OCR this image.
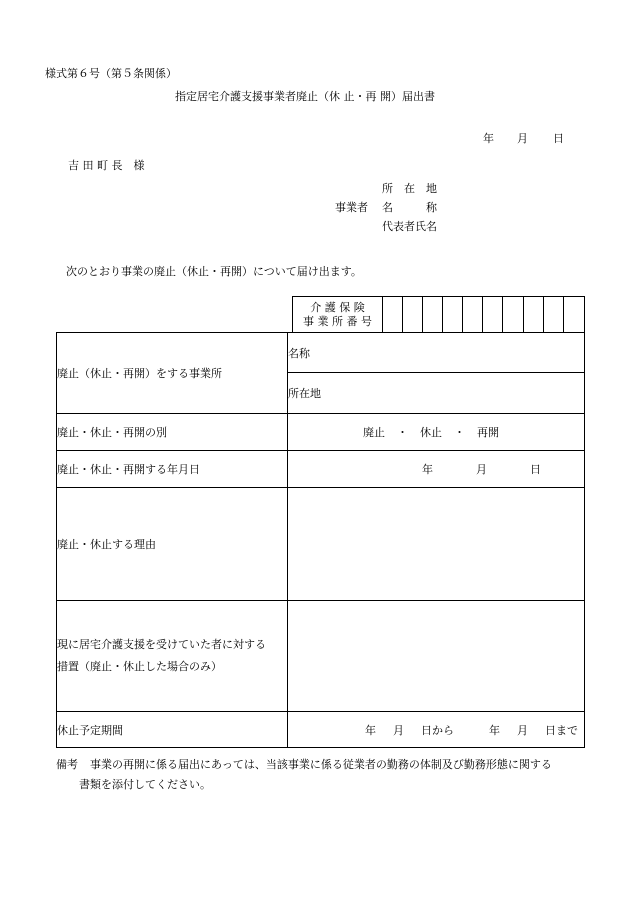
様式第６号（第５条関係）
指定居宅介護支援事業者廃止（休 止・再 開）届出書
年 月 日
吉 田 町 長　様
所　在　地
事業者 名　　　称
代表者氏名
次のとおり事業の廃止（休止・再開）について届け出ます。
介 護 保 険
事 業 所 番 号

廃止（休止・再開）をする事業所	名称
	所在地
廃止・休止・再開の別	廃止 ・ 休止 ・ 再開

廃止・休止・再開する年月日	年 月 日

廃止・休止する理由	

現に居宅介護支援を受けていた者に対する
措置（廃止・休止した場合のみ）	

休止予定期間	年 月 日から 年 月 日まで
備考 事業の再開に係る届出にあっては、当該事業に係る従業者の勤務の体制及び勤務形態に関する
書類を添付してください。
